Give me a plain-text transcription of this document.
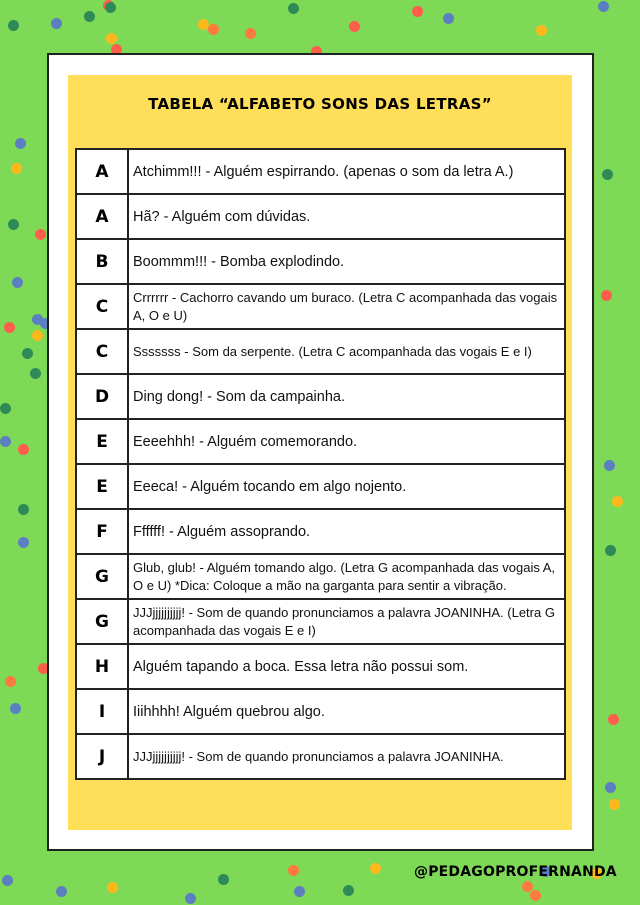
TABELA “ALFABETO SONS DAS LETRAS”
A	Atchimm!!! - Alguém espirrando. (apenas o som da letra A.)
A	Hã? - Alguém com dúvidas.
B	Boommm!!! - Bomba explodindo.
C	Crrrrrr - Cachorro cavando um buraco. (Letra C acompanhada das vogais A, O e U)
C	Sssssss - Som da serpente. (Letra C acompanhada das vogais E e I)
D	Ding dong! - Som da campainha.
E	Eeeehhh! - Alguém comemorando.
E	Eeeca! - Alguém tocando em algo nojento.
F	Ffffff! - Alguém assoprando.
G	Glub, glub! - Alguém tomando algo. (Letra G acompanhada das vogais A, O e U) *Dica: Coloque a mão na garganta para sentir a vibração.
G	JJJjjjjjjjjjj! - Som de quando pronunciamos a palavra JOANINHA. (Letra G acompanhada das vogais E e I)
H	Alguém tapando a boca. Essa letra não possui som.
I	Iiihhhh! Alguém quebrou algo.
J	JJJjjjjjjjjjj! - Som de quando pronunciamos a palavra JOANINHA.
@PEDAGOPROFERNANDA
